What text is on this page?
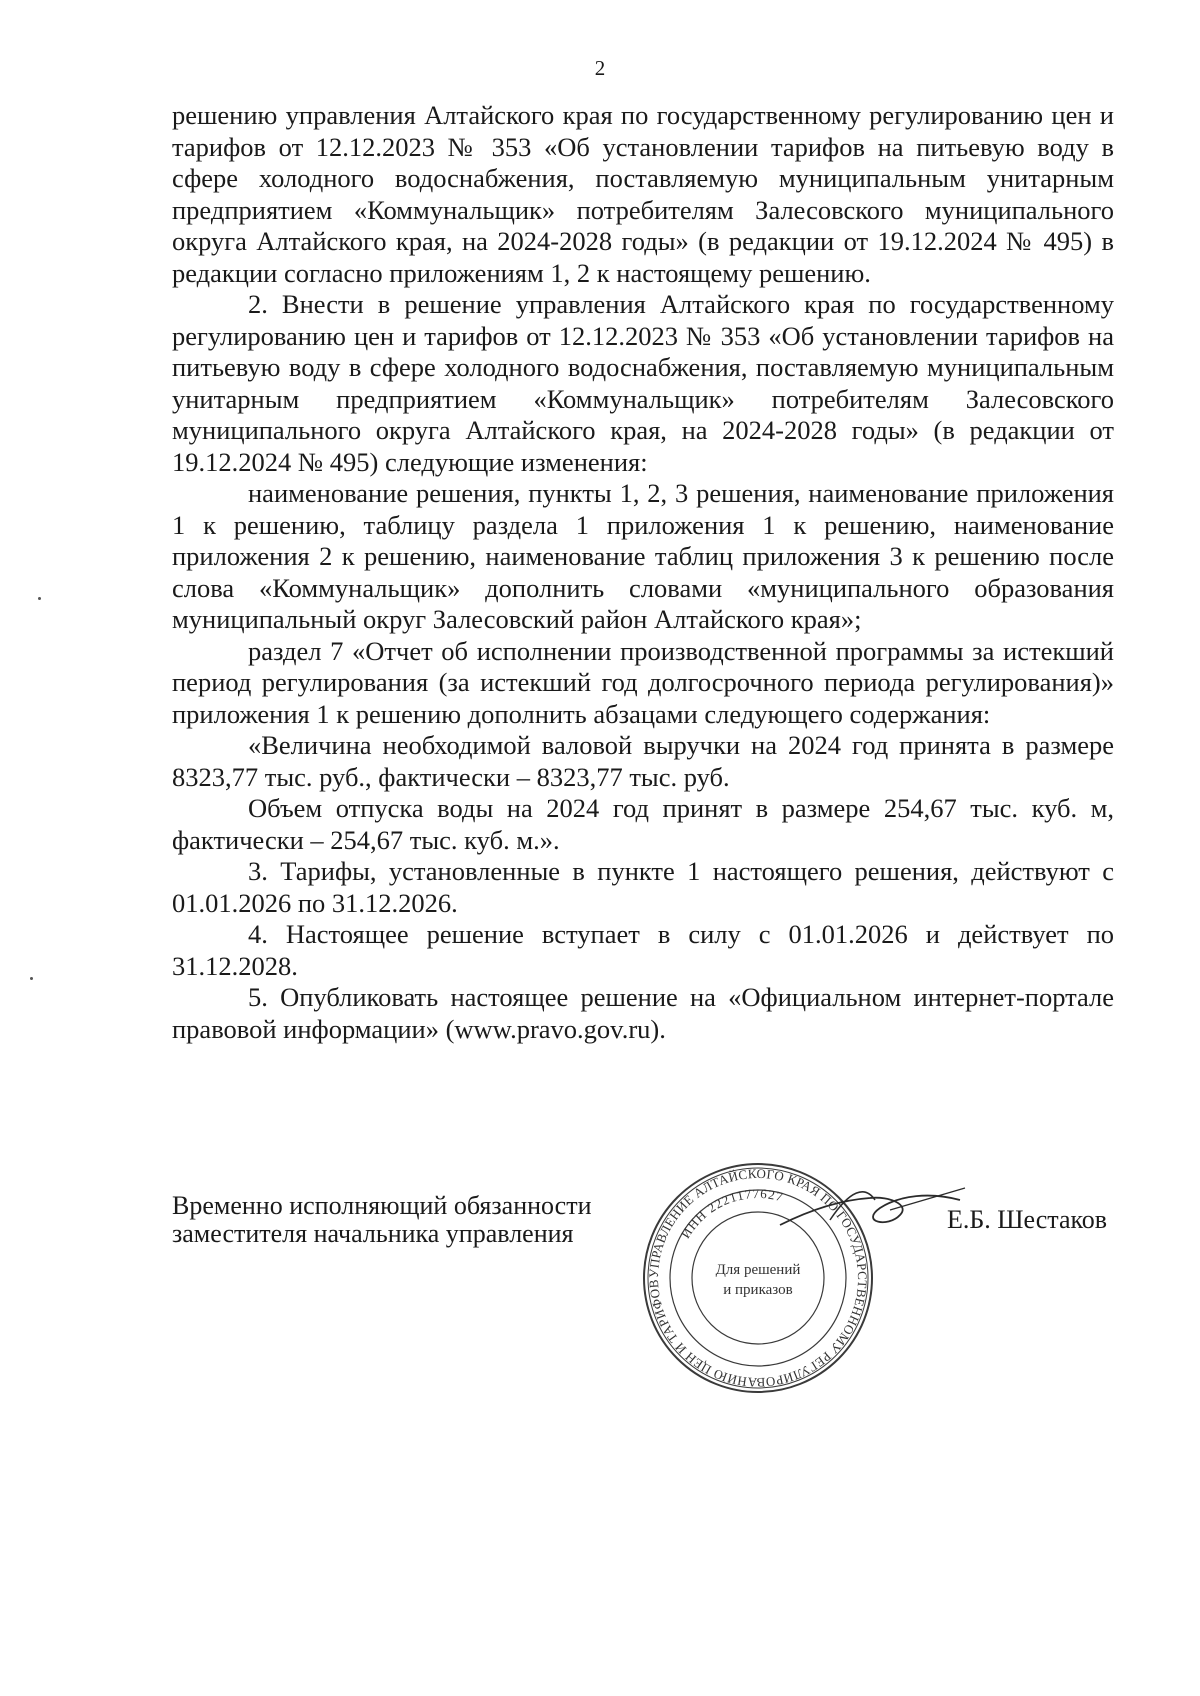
2

решению управления Алтайского края по государственному регулированию цен и тарифов от 12.12.2023 № 353 «Об установлении тарифов на питьевую воду в сфере холодного водоснабжения, поставляемую муниципальным унитарным предприятием «Коммунальщик» потребителям Залесовского муниципального округа Алтайского края, на 2024-2028 годы» (в редакции от 19.12.2024 № 495) в редакции согласно приложениям 1, 2 к настоящему решению.

2. Внести в решение управления Алтайского края по государственному регулированию цен и тарифов от 12.12.2023 № 353 «Об установлении тарифов на питьевую воду в сфере холодного водоснабжения, поставляемую муниципальным унитарным предприятием «Коммунальщик» потребителям Залесовского муниципального округа Алтайского края, на 2024-2028 годы» (в редакции от 19.12.2024 № 495) следующие изменения:

наименование решения, пункты 1, 2, 3 решения, наименование приложения 1 к решению, таблицу раздела 1 приложения 1 к решению, наименование приложения 2 к решению, наименование таблиц приложения 3 к решению после слова «Коммунальщик» дополнить словами «муниципального образования муниципальный округ Залесовский район Алтайского края»;

раздел 7 «Отчет об исполнении производственной программы за истекший период регулирования (за истекший год долгосрочного периода регулирования)» приложения 1 к решению дополнить абзацами следующего содержания:

«Величина необходимой валовой выручки на 2024 год принята в размере 8323,77 тыс. руб., фактически – 8323,77 тыс. руб.

Объем отпуска воды на 2024 год принят в размере 254,67 тыс. куб. м, фактически – 254,67 тыс. куб. м.».

3. Тарифы, установленные в пункте 1 настоящего решения, действуют с 01.01.2026 по 31.12.2026.

4. Настоящее решение вступает в силу с 01.01.2026 и действует по 31.12.2028.

5. Опубликовать настоящее решение на «Официальном интернет-портале правовой информации» (www.pravo.gov.ru).

Временно исполняющий обязанности
заместителя начальника управления
УПРАВЛЕНИЕ АЛТАЙСКОГО КРАЯ ПО ГОСУДАРСТВЕННОМУ РЕГУЛИРОВАНИЮ ЦЕН И ТАРИФОВ
ИНН 2221177627
Для решений
и приказов
Е.Б. Шестаков
